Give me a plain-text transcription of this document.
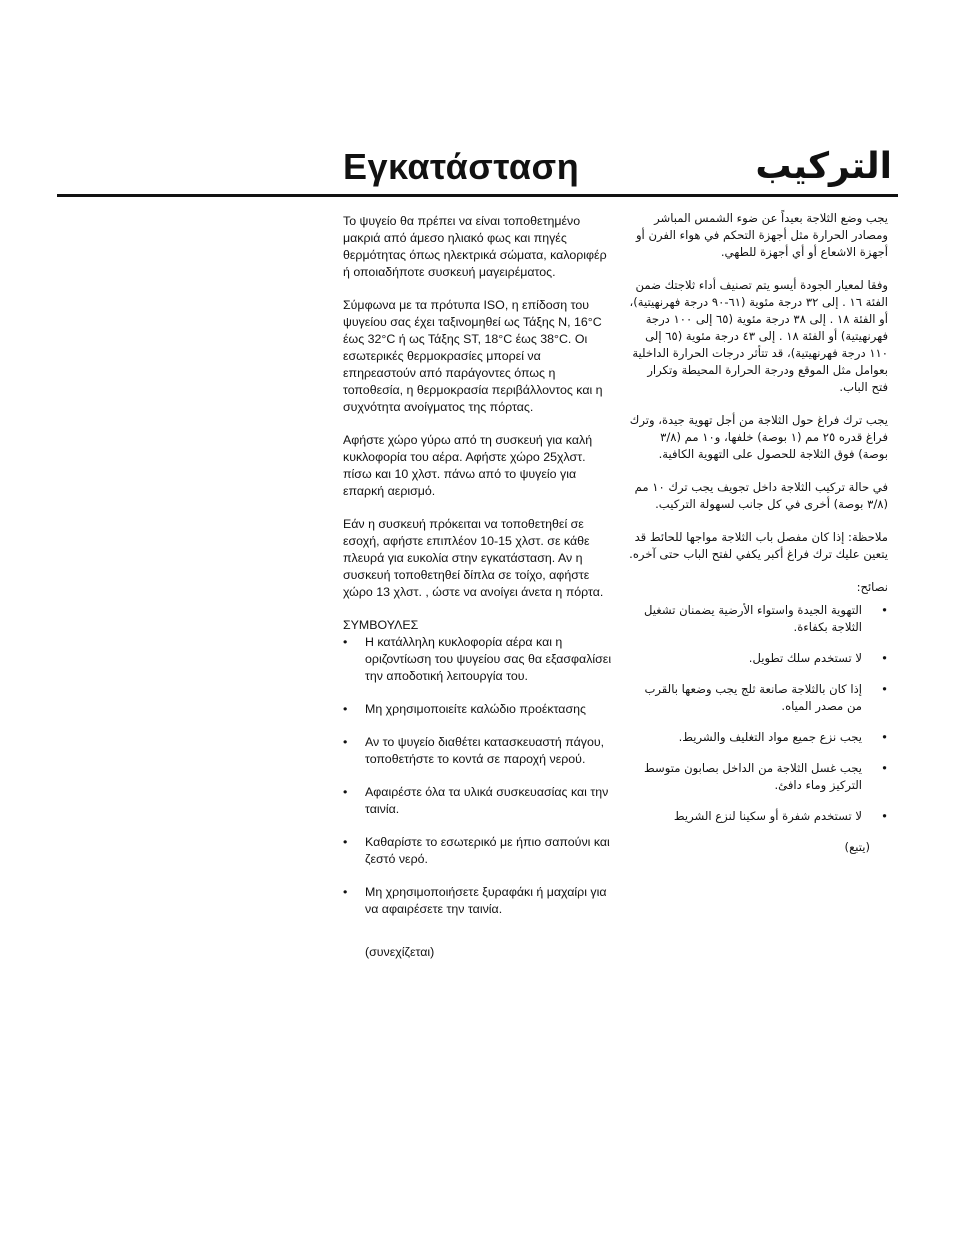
Εγκατάσταση	التركيب

Το ψυγείο θα πρέπει να είναι τοποθετημένο μακριά από άμεσο ηλιακό φως και πηγές θερμότητας όπως ηλεκτρικά σώματα, καλοριφέρ ή οποιαδήποτε συσκευή μαγειρέματος.

Σύμφωνα με τα πρότυπα ISO, η επίδοση του ψυγείου σας έχει ταξινομηθεί ως Τάξης N, 16°C έως 32°C ή ως Τάξης ST, 18°C έως 38°C. Οι εσωτερικές θερμοκρασίες μπορεί να επηρεαστούν από παράγοντες όπως η τοποθεσία, η θερμοκρασία περιβάλλοντος και η συχνότητα ανοίγματος της πόρτας.

Αφήστε χώρο γύρω από τη συσκευή για καλή κυκλοφορία του αέρα. Αφήστε χώρο 25χλστ. πίσω και 10 χλστ. πάνω από το ψυγείο για επαρκή αερισμό.

Εάν η συσκευή πρόκειται να τοποθετηθεί σε εσοχή, αφήστε επιπλέον 10-15 χλστ. σε κάθε πλευρά για ευκολία στην εγκατάσταση. Αν η συσκευή τοποθετηθεί δίπλα σε τοίχο, αφήστε χώρο 13 χλστ. , ώστε να ανοίγει άνετα η πόρτα.

ΣΥΜΒΟΥΛΕΣ

• Η κατάλληλη κυκλοφορία αέρα και η οριζοντίωση του ψυγείου σας θα εξασφαλίσει την αποδοτική λειτουργία του.
• Μη χρησιμοποιείτε καλώδιο προέκτασης
• Αν το ψυγείο διαθέτει κατασκευαστή πάγου, τοποθετήστε το κοντά σε παροχή νερού.
• Αφαιρέστε όλα τα υλικά συσκευασίας και την ταινία.
• Καθαρίστε το εσωτερικό με ήπιο σαπούνι και ζεστό νερό.
• Μη χρησιμοποιήσετε ξυραφάκι ή μαχαίρι για να αφαιρέσετε την ταινία.

(συνεχίζεται)

يجب وضع الثلاجة بعيداً عن ضوء الشمس المباشر ومصادر الحرارة مثل أجهزة التحكم في هواء الفرن أو أجهزة الاشعاع أو أي أجهزة للطهي.

وفقا لمعيار الجودة أيسو يتم تصنيف أداء ثلاجتك ضمن الفئة ١٦ . إلى ٣٢ درجة مئوية (٦١-٩٠ درجة فهرنهيتية)، أو الفئة ١٨ . إلى ٣٨ درجة مئوية (٦٥ إلى ١٠٠ درجة فهرنهيتية) أو الفئة ١٨ . إلى ٤٣ درجة مئوية (٦٥ إلى ١١٠ درجة فهرنهيتية)، قد تتأثر درجات الحرارة الداخلية بعوامل مثل الموقع ودرجة الحرارة المحيطة وتكرار فتح الباب.

يجب ترك فراغ حول الثلاجة من أجل تهوية جيدة، وترك فراغ قدره ٢٥ مم (١ بوصة) خلفها، و١٠ مم (٣/٨ بوصة) فوق الثلاجة للحصول على التهوية الكافية.

في حالة تركيب الثلاجة داخل تجويف يجب ترك ١٠ مم (٣/٨ بوصة) أخرى في كل جانب لسهولة التركيب.

ملاحظة: إذا كان مفصل باب الثلاجة مواجها للحائط قد يتعين عليك ترك فراغ أكبر يكفي لفتح الباب حتى آخره.

نصائح:

•
التهوية الجيدة واستواء الأرضية يضمنان تشغيل الثلاجة بكفاءة.
•
لا تستخدم سلك تطويل.
•
إذا كان بالثلاجة صانعة ثلج يجب وضعها بالقرب من مصدر المياه.
•
يجب نزع جميع مواد التغليف والشريط.
•
يجب غسل الثلاجة من الداخل بصابون متوسط التركيز وماء دافئ.
•
لا تستخدم شفرة أو سكينا لنزع الشريط

(يتبع)
